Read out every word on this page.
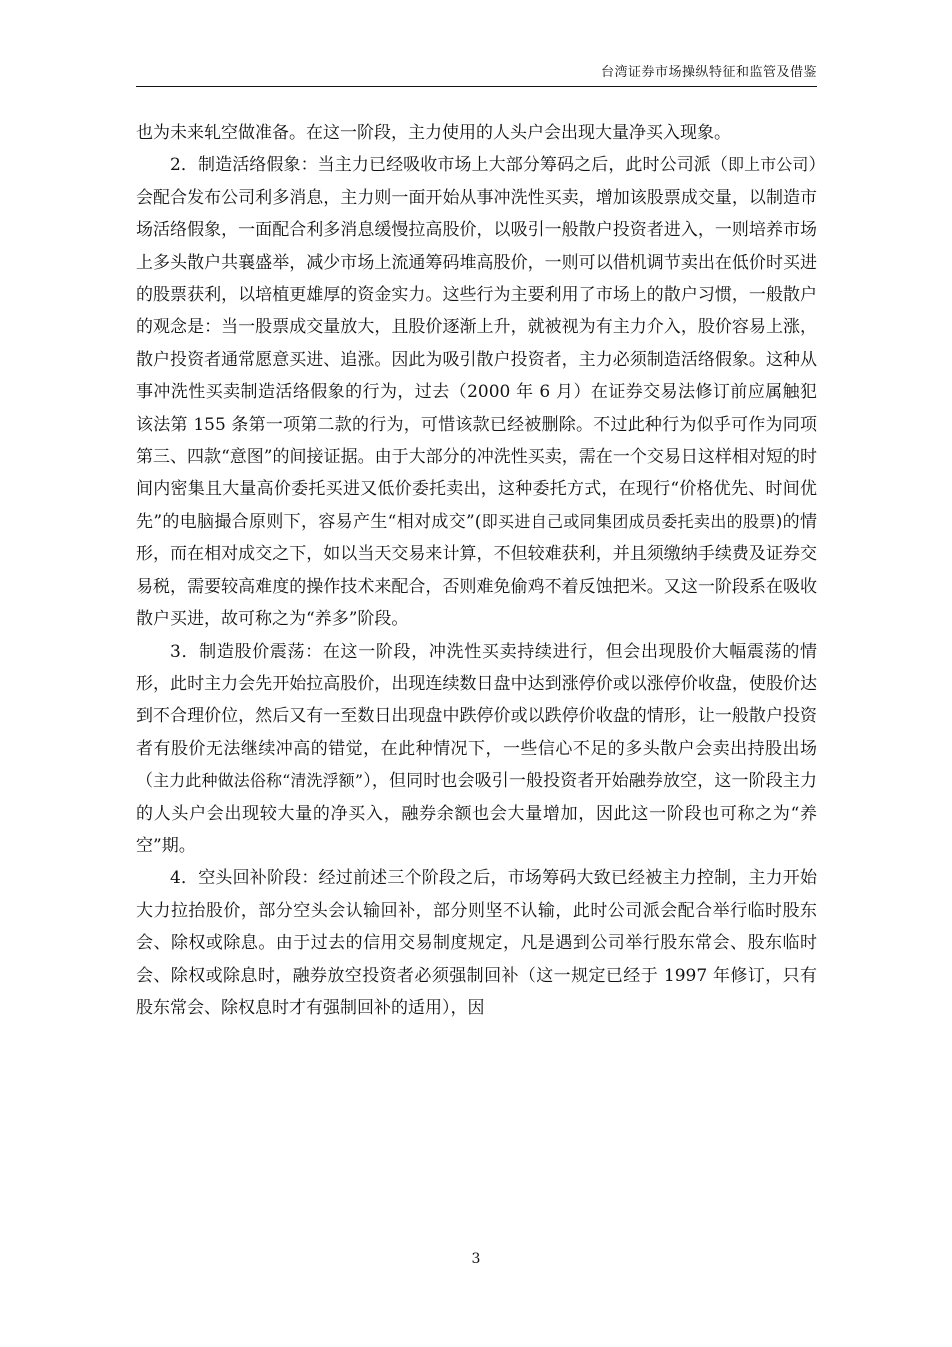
台湾证券市场操纵特征和监管及借鉴

也为未来轧空做准备。在这一阶段，主力使用的人头户会出现大量净买入现象。

2．制造活络假象：当主力已经吸收市场上大部分筹码之后，此时公司派（即上市公司）会配合发布公司利多消息，主力则一面开始从事冲洗性买卖，增加该股票成交量，以制造市场活络假象，一面配合利多消息缓慢拉高股价，以吸引一般散户投资者进入，一则培养市场上多头散户共襄盛举，减少市场上流通筹码堆高股价，一则可以借机调节卖出在低价时买进的股票获利，以培植更雄厚的资金实力。这些行为主要利用了市场上的散户习惯，一般散户的观念是：当一股票成交量放大，且股价逐渐上升，就被视为有主力介入，股价容易上涨，散户投资者通常愿意买进、追涨。因此为吸引散户投资者，主力必须制造活络假象。这种从事冲洗性买卖制造活络假象的行为，过去（2000 年 6 月）在证券交易法修订前应属触犯该法第 155 条第一项第二款的行为，可惜该款已经被删除。不过此种行为似乎可作为同项第三、四款“意图”的间接证据。由于大部分的冲洗性买卖，需在一个交易日这样相对短的时间内密集且大量高价委托买进又低价委托卖出，这种委托方式，在现行“价格优先、时间优先”的电脑撮合原则下，容易产生“相对成交”(即买进自己或同集团成员委托卖出的股票)的情形，而在相对成交之下，如以当天交易来计算，不但较难获利，并且须缴纳手续费及证券交易税，需要较高难度的操作技术来配合，否则难免偷鸡不着反蚀把米。又这一阶段系在吸收散户买进，故可称之为“养多”阶段。

3．制造股价震荡：在这一阶段，冲洗性买卖持续进行，但会出现股价大幅震荡的情形，此时主力会先开始拉高股价，出现连续数日盘中达到涨停价或以涨停价收盘，使股价达到不合理价位，然后又有一至数日出现盘中跌停价或以跌停价收盘的情形，让一般散户投资者有股价无法继续冲高的错觉，在此种情况下，一些信心不足的多头散户会卖出持股出场（主力此种做法俗称“清洗浮额”），但同时也会吸引一般投资者开始融券放空，这一阶段主力的人头户会出现较大量的净买入，融券余额也会大量增加，因此这一阶段也可称之为“养空”期。

4．空头回补阶段：经过前述三个阶段之后，市场筹码大致已经被主力控制，主力开始大力拉抬股价，部分空头会认输回补，部分则坚不认输，此时公司派会配合举行临时股东会、除权或除息。由于过去的信用交易制度规定，凡是遇到公司举行股东常会、股东临时会、除权或除息时，融券放空投资者必须强制回补（这一规定已经于 1997 年修订，只有股东常会、除权息时才有强制回补的适用），因

3
